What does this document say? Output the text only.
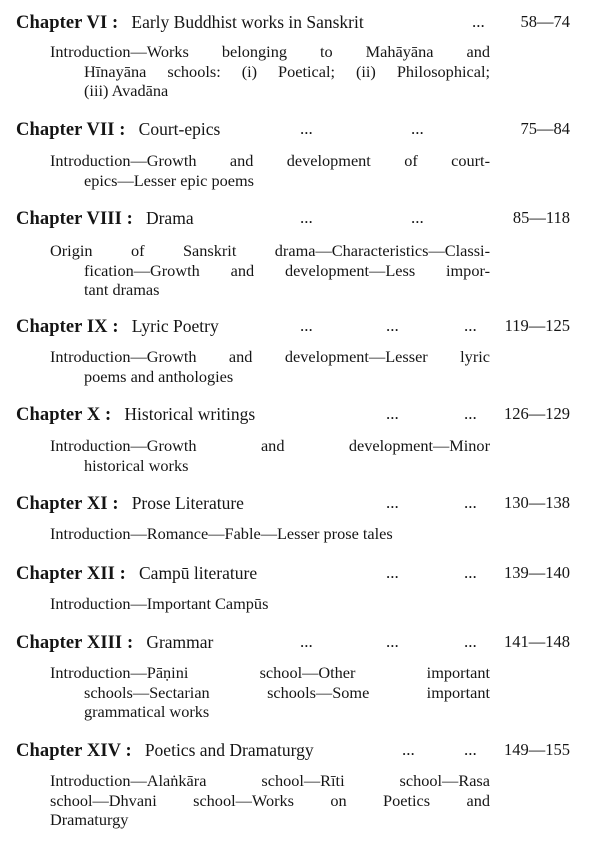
Chapter VI : Early Buddhist works in Sanskrit	... 58—74
Introduction—Works belonging to Mahāyāna and
Hīnayāna schools: (i) Poetical; (ii) Philosophical;
(iii) Avadāna
Chapter VII : Court-epics	...	...	75—84
Introduction—Growth and development of court-
epics—Lesser epic poems
Chapter VIII : Drama	...	...	85—118
Origin of Sanskrit drama—Characteristics—Classi-
fication—Growth and development—Less impor-
tant dramas
Chapter IX : Lyric Poetry	...	...	... 119—125
Introduction—Growth and development—Lesser lyric
poems and anthologies
Chapter X : Historical writings	...	... 126—129
Introduction—Growth and development—Minor
historical works
Chapter XI : Prose Literature	...	... 130—138
Introduction—Romance—Fable—Lesser prose tales
Chapter XII : Campū literature	...	... 139—140
Introduction—Important Campūs
Chapter XIII : Grammar	...	...	... 141—148
Introduction—Pāṇini school—Other important
schools—Sectarian schools—Some important
grammatical works
Chapter XIV : Poetics and Dramaturgy	...	... 149—155
Introduction—Alaṅkāra school—Rīti school—Rasa
school—Dhvani school—Works on Poetics and
Dramaturgy
